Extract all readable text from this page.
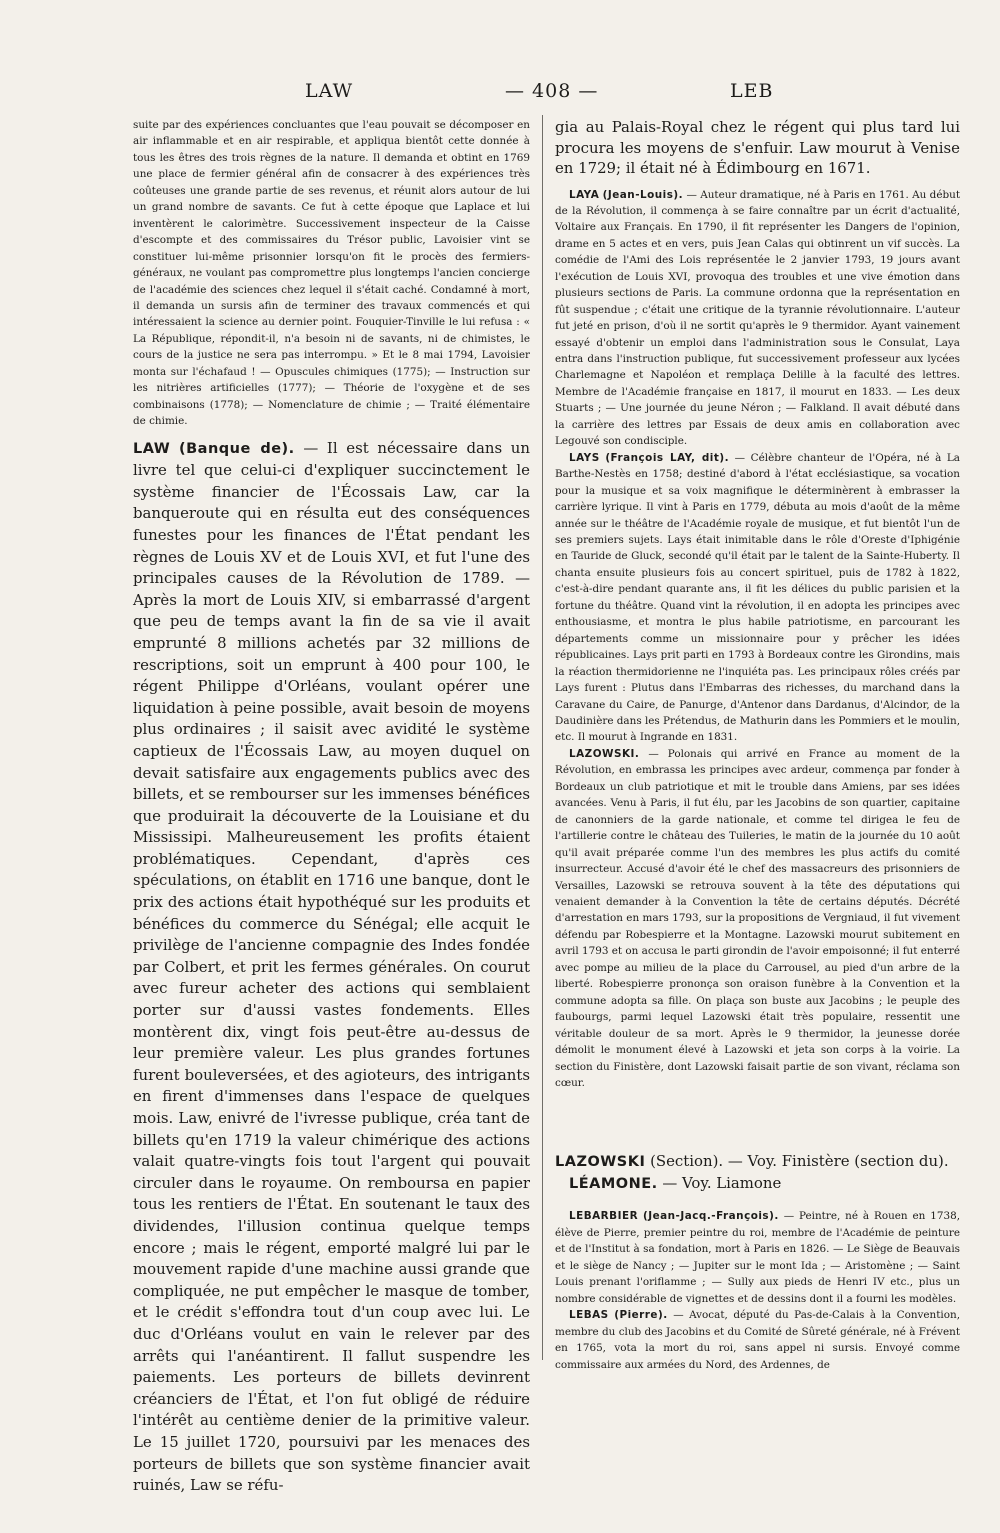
LAW	— 408 —	LEB

suite par des expériences concluantes que l'eau pouvait se décomposer en air inflammable et en air respirable, et appliqua bientôt cette donnée à tous les êtres des trois règnes de la nature. Il demanda et obtint en 1769 une place de fermier général afin de consacrer à des expériences très coûteuses une grande partie de ses revenus, et réunit alors autour de lui un grand nombre de savants. Ce fut à cette époque que Laplace et lui inventèrent le calorimètre. Successivement inspecteur de la Caisse d'escompte et des commissaires du Trésor public, Lavoisier vint se constituer lui-même prisonnier lorsqu'on fit le procès des fermiers-généraux, ne voulant pas compromettre plus longtemps l'ancien concierge de l'académie des sciences chez lequel il s'était caché. Condamné à mort, il demanda un sursis afin de terminer des travaux commencés et qui intéressaient la science au dernier point. Fouquier-Tinville le lui refusa : « La République, répondit-il, n'a besoin ni de savants, ni de chimistes, le cours de la justice ne sera pas interrompu. » Et le 8 mai 1794, Lavoisier monta sur l'échafaud ! — Opuscules chimiques (1775); — Instruction sur les nitrières artificielles (1777); — Théorie de l'oxygène et de ses combinaisons (1778); — Nomenclature de chimie ; — Traité élémentaire de chimie.

LAW (Banque de). — Il est nécessaire dans un livre tel que celui-ci d'expliquer succinctement le système financier de l'Écossais Law, car la banqueroute qui en résulta eut des conséquences funestes pour les finances de l'État pendant les règnes de Louis XV et de Louis XVI, et fut l'une des principales causes de la Révolution de 1789. — Après la mort de Louis XIV, si embarrassé d'argent que peu de temps avant la fin de sa vie il avait emprunté 8 millions achetés par 32 millions de rescriptions, soit un emprunt à 400 pour 100, le régent Philippe d'Orléans, voulant opérer une liquidation à peine possible, avait besoin de moyens plus ordinaires ; il saisit avec avidité le système captieux de l'Écossais Law, au moyen duquel on devait satisfaire aux engagements publics avec des billets, et se rembourser sur les immenses bénéfices que produirait la découverte de la Louisiane et du Mississipi. Malheureusement les profits étaient problématiques. Cependant, d'après ces spéculations, on établit en 1716 une banque, dont le prix des actions était hypothéqué sur les produits et bénéfices du commerce du Sénégal; elle acquit le privilège de l'ancienne compagnie des Indes fondée par Colbert, et prit les fermes générales. On courut avec fureur acheter des actions qui semblaient porter sur d'aussi vastes fondements. Elles montèrent dix, vingt fois peut-être au-dessus de leur première valeur. Les plus grandes fortunes furent bouleversées, et des agioteurs, des intrigants en firent d'immenses dans l'espace de quelques mois. Law, enivré de l'ivresse publique, créa tant de billets qu'en 1719 la valeur chimérique des actions valait quatre-vingts fois tout l'argent qui pouvait circuler dans le royaume. On remboursa en papier tous les rentiers de l'État. En soutenant le taux des dividendes, l'illusion continua quelque temps encore ; mais le régent, emporté malgré lui par le mouvement rapide d'une machine aussi grande que compliquée, ne put empêcher le masque de tomber, et le crédit s'effondra tout d'un coup avec lui. Le duc d'Orléans voulut en vain le relever par des arrêts qui l'anéantirent. Il fallut suspendre les paiements. Les porteurs de billets devinrent créanciers de l'État, et l'on fut obligé de réduire l'intérêt au centième denier de la primitive valeur. Le 15 juillet 1720, poursuivi par les menaces des porteurs de billets que son système financier avait ruinés, Law se réfu-

gia au Palais-Royal chez le régent qui plus tard lui procura les moyens de s'enfuir. Law mourut à Venise en 1729; il était né à Édimbourg en 1671.

LAYA (Jean-Louis). — Auteur dramatique, né à Paris en 1761. Au début de la Révolution, il commença à se faire connaître par un écrit d'actualité, Voltaire aux Français. En 1790, il fit représenter les Dangers de l'opinion, drame en 5 actes et en vers, puis Jean Calas qui obtinrent un vif succès. La comédie de l'Ami des Lois représentée le 2 janvier 1793, 19 jours avant l'exécution de Louis XVI, provoqua des troubles et une vive émotion dans plusieurs sections de Paris. La commune ordonna que la représentation en fût suspendue ; c'était une critique de la tyrannie révolutionnaire. L'auteur fut jeté en prison, d'où il ne sortit qu'après le 9 thermidor. Ayant vainement essayé d'obtenir un emploi dans l'administration sous le Consulat, Laya entra dans l'instruction publique, fut successivement professeur aux lycées Charlemagne et Napoléon et remplaça Delille à la faculté des lettres. Membre de l'Académie française en 1817, il mourut en 1833. — Les deux Stuarts ; — Une journée du jeune Néron ; — Falkland. Il avait débuté dans la carrière des lettres par Essais de deux amis en collaboration avec Legouvé son condisciple.

LAYS (François LAY, dit). — Célèbre chanteur de l'Opéra, né à La Barthe-Nestès en 1758; destiné d'abord à l'état ecclésiastique, sa vocation pour la musique et sa voix magnifique le déterminèrent à embrasser la carrière lyrique. Il vint à Paris en 1779, débuta au mois d'août de la même année sur le théâtre de l'Académie royale de musique, et fut bientôt l'un de ses premiers sujets. Lays était inimitable dans le rôle d'Oreste d'Iphigénie en Tauride de Gluck, secondé qu'il était par le talent de la Sainte-Huberty. Il chanta ensuite plusieurs fois au concert spirituel, puis de 1782 à 1822, c'est-à-dire pendant quarante ans, il fit les délices du public parisien et la fortune du théâtre. Quand vint la révolution, il en adopta les principes avec enthousiasme, et montra le plus habile patriotisme, en parcourant les départements comme un missionnaire pour y prêcher les idées républicaines. Lays prit parti en 1793 à Bordeaux contre les Girondins, mais la réaction thermidorienne ne l'inquiéta pas. Les principaux rôles créés par Lays furent : Plutus dans l'Embarras des richesses, du marchand dans la Caravane du Caire, de Panurge, d'Antenor dans Dardanus, d'Alcindor, de la Daudinière dans les Prétendus, de Mathurin dans les Pommiers et le moulin, etc. Il mourut à Ingrande en 1831.

LAZOWSKI. — Polonais qui arrivé en France au moment de la Révolution, en embrassa les principes avec ardeur, commença par fonder à Bordeaux un club patriotique et mit le trouble dans Amiens, par ses idées avancées. Venu à Paris, il fut élu, par les Jacobins de son quartier, capitaine de canonniers de la garde nationale, et comme tel dirigea le feu de l'artillerie contre le château des Tuileries, le matin de la journée du 10 août qu'il avait préparée comme l'un des membres les plus actifs du comité insurrecteur. Accusé d'avoir été le chef des massacreurs des prisonniers de Versailles, Lazowski se retrouva souvent à la tête des députations qui venaient demander à la Convention la tête de certains députés. Décrété d'arrestation en mars 1793, sur la propositions de Vergniaud, il fut vivement défendu par Robespierre et la Montagne. Lazowski mourut subitement en avril 1793 et on accusa le parti girondin de l'avoir empoisonné; il fut enterré avec pompe au milieu de la place du Carrousel, au pied d'un arbre de la liberté. Robespierre prononça son oraison funèbre à la Convention et la commune adopta sa fille. On plaça son buste aux Jacobins ; le peuple des faubourgs, parmi lequel Lazowski était très populaire, ressentit une véritable douleur de sa mort. Après le 9 thermidor, la jeunesse dorée démolit le monument élevé à Lazowski et jeta son corps à la voirie. La section du Finistère, dont Lazowski faisait partie de son vivant, réclama son cœur.

LAZOWSKI (Section). — Voy. Finistère (section du).

LÉAMONE. — Voy. Liamone

LEBARBIER (Jean-Jacq.-François). — Peintre, né à Rouen en 1738, élève de Pierre, premier peintre du roi, membre de l'Académie de peinture et de l'Institut à sa fondation, mort à Paris en 1826. — Le Siège de Beauvais et le siège de Nancy ; — Jupiter sur le mont Ida ; — Aristomène ; — Saint Louis prenant l'oriflamme ; — Sully aux pieds de Henri IV etc., plus un nombre considérable de vignettes et de dessins dont il a fourni les modèles.

LEBAS (Pierre). — Avocat, député du Pas-de-Calais à la Convention, membre du club des Jacobins et du Comité de Sûreté générale, né à Frévent en 1765, vota la mort du roi, sans appel ni sursis. Envoyé comme commissaire aux armées du Nord, des Ardennes, de
